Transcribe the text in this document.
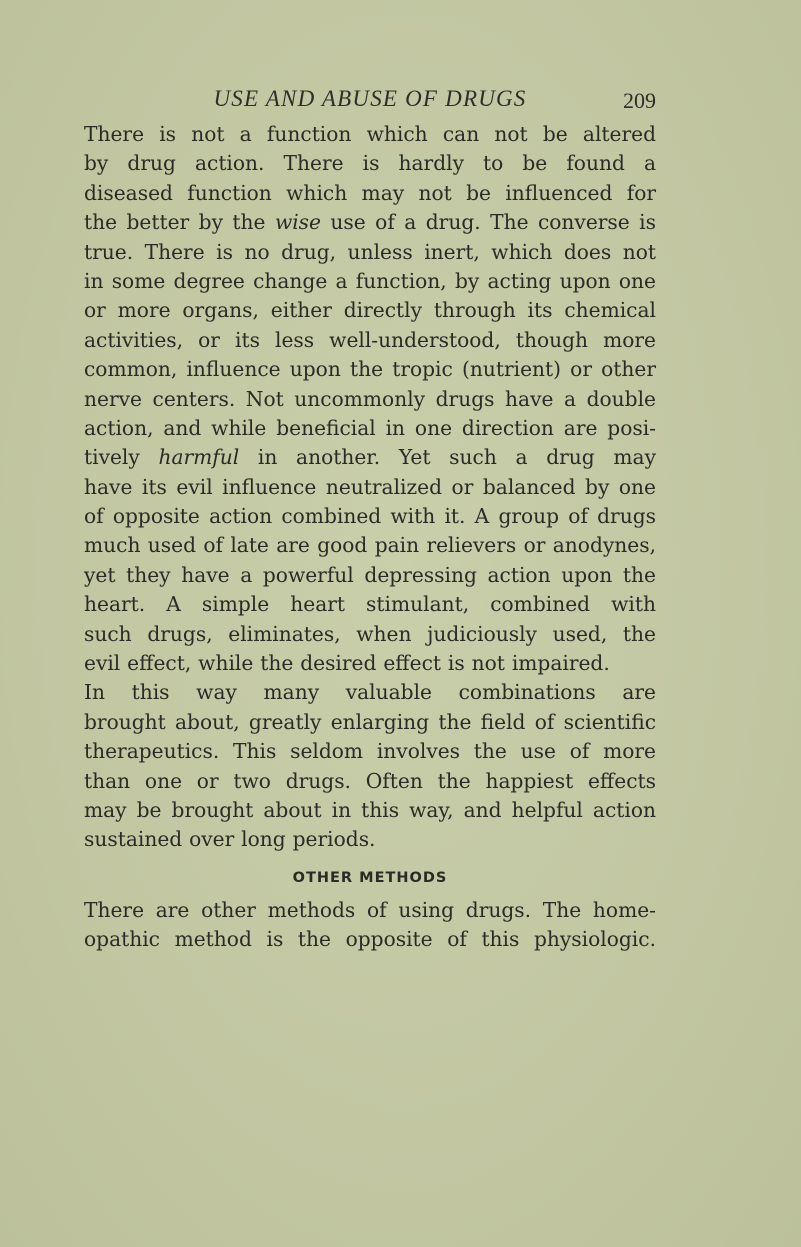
USE AND ABUSE OF DRUGS	209
There is not a function which can not be altered
by drug action. There is hardly to be found a
diseased function which may not be influenced for
the better by the wise use of a drug. The converse is
true. There is no drug, unless inert, which does not
in some degree change a function, by acting upon one
or more organs, either directly through its chemical
activities, or its less well-understood, though more
common, influence upon the tropic (nutrient) or other
nerve centers. Not uncommonly drugs have a double
action, and while beneficial in one direction are posi-
tively harmful in another. Yet such a drug may
have its evil influence neutralized or balanced by one
of opposite action combined with it. A group of drugs
much used of late are good pain relievers or anodynes,
yet they have a powerful depressing action upon the
heart. A simple heart stimulant, combined with
such drugs, eliminates, when judiciously used, the
evil effect, while the desired effect is not impaired.
In this way many valuable combinations are
brought about, greatly enlarging the field of scientific
therapeutics. This seldom involves the use of more
than one or two drugs. Often the happiest effects
may be brought about in this way, and helpful action
sustained over long periods.
OTHER METHODS
There are other methods of using drugs. The home-
opathic method is the opposite of this physiologic.
